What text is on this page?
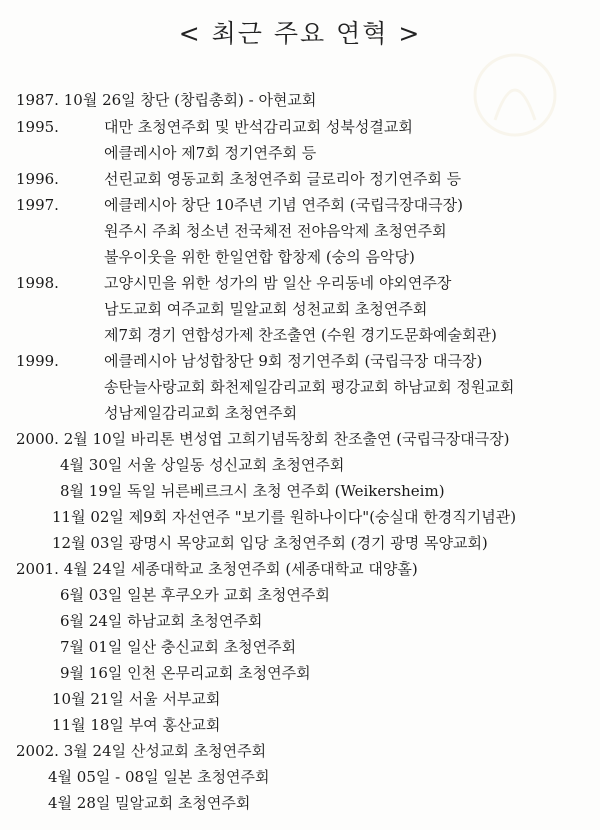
< 최근 주요 연혁 >
1987. 10월 26일 창단 (창립총회) - 아현교회
1995.	대만 초청연주회 및 반석감리교회 성북성결교회
에클레시아 제7회 정기연주회 등
1996.	선린교회 영동교회 초청연주회 글로리아 정기연주회 등
1997.	에클레시아 창단 10주년 기념 연주회 (국립극장대극장)
원주시 주최 청소년 전국체전 전야음악제 초청연주회
불우이웃을 위한 한일연합 합창제 (숭의 음악당)
1998.	고양시민을 위한 성가의 밤 일산 우리동네 야외연주장
남도교회 여주교회 밀알교회 성천교회 초청연주회
제7회 경기 연합성가제 찬조출연 (수원 경기도문화예술회관)
1999.	에클레시아 남성합창단 9회 정기연주회 (국립극장 대극장)
송탄늘사랑교회 화천제일감리교회 평강교회 하남교회 정원교회
성남제일감리교회 초청연주회
2000. 2월 10일 바리톤 변성엽 고희기념독창회 찬조출연 (국립극장대극장)
4월 30일 서울 상일동 성신교회 초청연주회
8월 19일 독일 뉘른베르크시 초청 연주회 (Weikersheim)
11월 02일 제9회 자선연주 "보기를 원하나이다"(숭실대 한경직기념관)
12월 03일 광명시 목양교회 입당 초청연주회 (경기 광명 목양교회)
2001. 4월 24일 세종대학교 초청연주회 (세종대학교 대양홀)
6월 03일 일본 후쿠오카 교회 초청연주회
6월 24일 하남교회 초청연주회
7월 01일 일산 충신교회 초청연주회
9월 16일 인천 온무리교회 초청연주회
10월 21일 서울 서부교회
11월 18일 부여 홍산교회
2002. 3월 24일 산성교회 초청연주회
4월 05일 - 08일 일본 초청연주회
4월 28일 밀알교회 초청연주회
